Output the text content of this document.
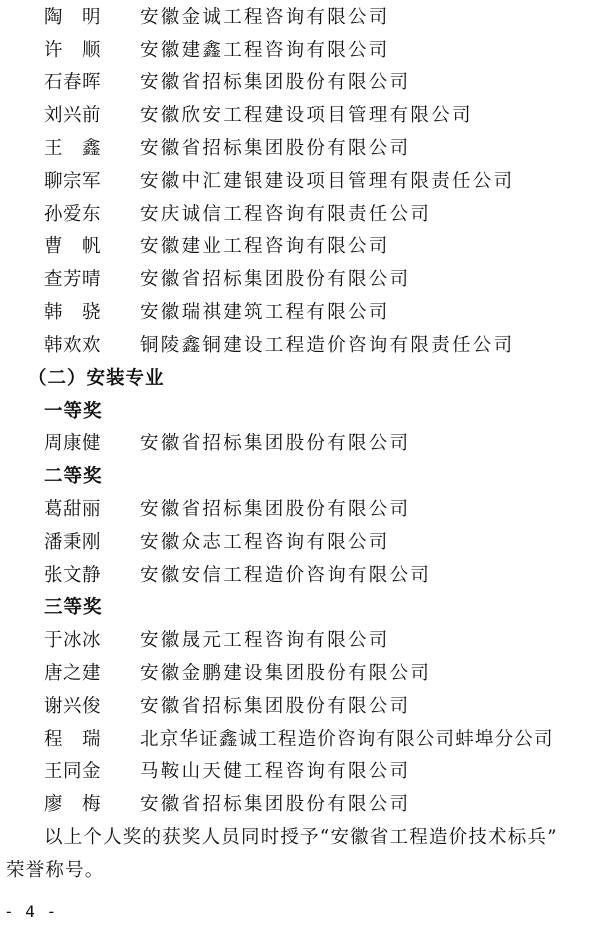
陶　明	安徽金诚工程咨询有限公司
许　顺	安徽建鑫工程咨询有限公司
石春晖	安徽省招标集团股份有限公司
刘兴前	安徽欣安工程建设项目管理有限公司
王　鑫	安徽省招标集团股份有限公司
聊宗军	安徽中汇建银建设项目管理有限责任公司
孙爱东	安庆诚信工程咨询有限责任公司
曹　帆	安徽建业工程咨询有限公司
查芳晴	安徽省招标集团股份有限公司
韩　骁	安徽瑞祺建筑工程有限公司
韩欢欢	铜陵鑫铜建设工程造价咨询有限责任公司
（二）安装专业
一等奖
周康健	安徽省招标集团股份有限公司
二等奖
葛甜丽	安徽省招标集团股份有限公司
潘秉刚	安徽众志工程咨询有限公司
张文静	安徽安信工程造价咨询有限公司
三等奖
于冰冰	安徽晟元工程咨询有限公司
唐之建	安徽金鹏建设集团股份有限公司
谢兴俊	安徽省招标集团股份有限公司
程　瑞	北京华证鑫诚工程造价咨询有限公司蚌埠分公司
王同金	马鞍山天健工程咨询有限公司
廖　梅	安徽省招标集团股份有限公司
以上个人奖的获奖人员同时授予“安徽省工程造价技术标兵”
荣誉称号。
- 4 -
